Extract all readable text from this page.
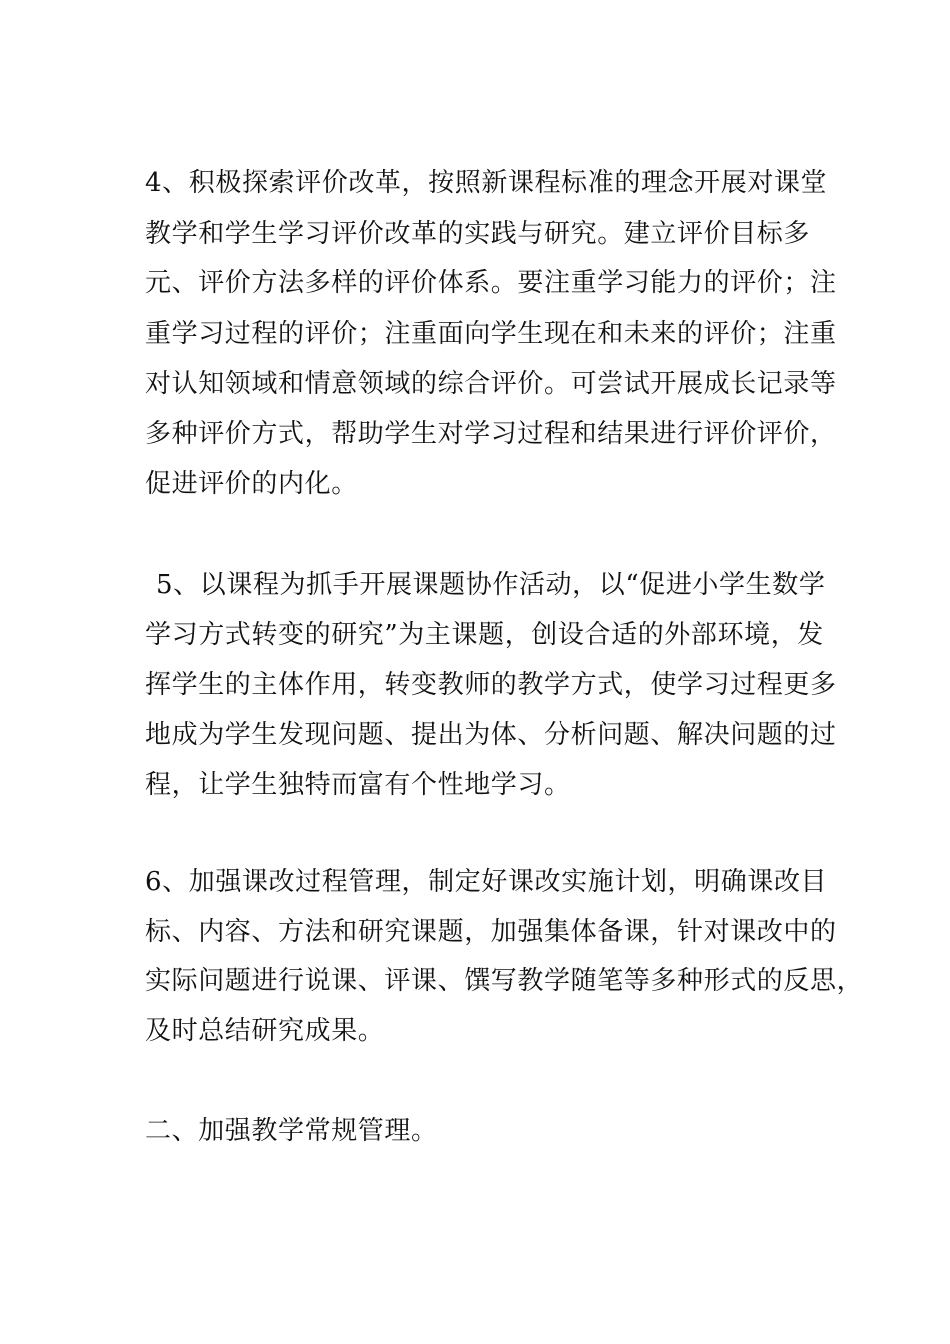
4、积极探索评价改革，按照新课程标准的理念开展对课堂
教学和学生学习评价改革的实践与研究。建立评价目标多
元、评价方法多样的评价体系。要注重学习能力的评价；注
重学习过程的评价；注重面向学生现在和未来的评价；注重
对认知领域和情意领域的综合评价。可尝试开展成长记录等
多种评价方式，帮助学生对学习过程和结果进行评价评价，
促进评价的内化。
5、以课程为抓手开展课题协作活动，以“促进小学生数学
学习方式转变的研究”为主课题，创设合适的外部环境，发
挥学生的主体作用，转变教师的教学方式，使学习过程更多
地成为学生发现问题、提出为体、分析问题、解决问题的过
程，让学生独特而富有个性地学习。
6、加强课改过程管理，制定好课改实施计划，明确课改目
标、内容、方法和研究课题，加强集体备课，针对课改中的
实际问题进行说课、评课、馔写教学随笔等多种形式的反思，
及时总结研究成果。
二、加强教学常规管理。
